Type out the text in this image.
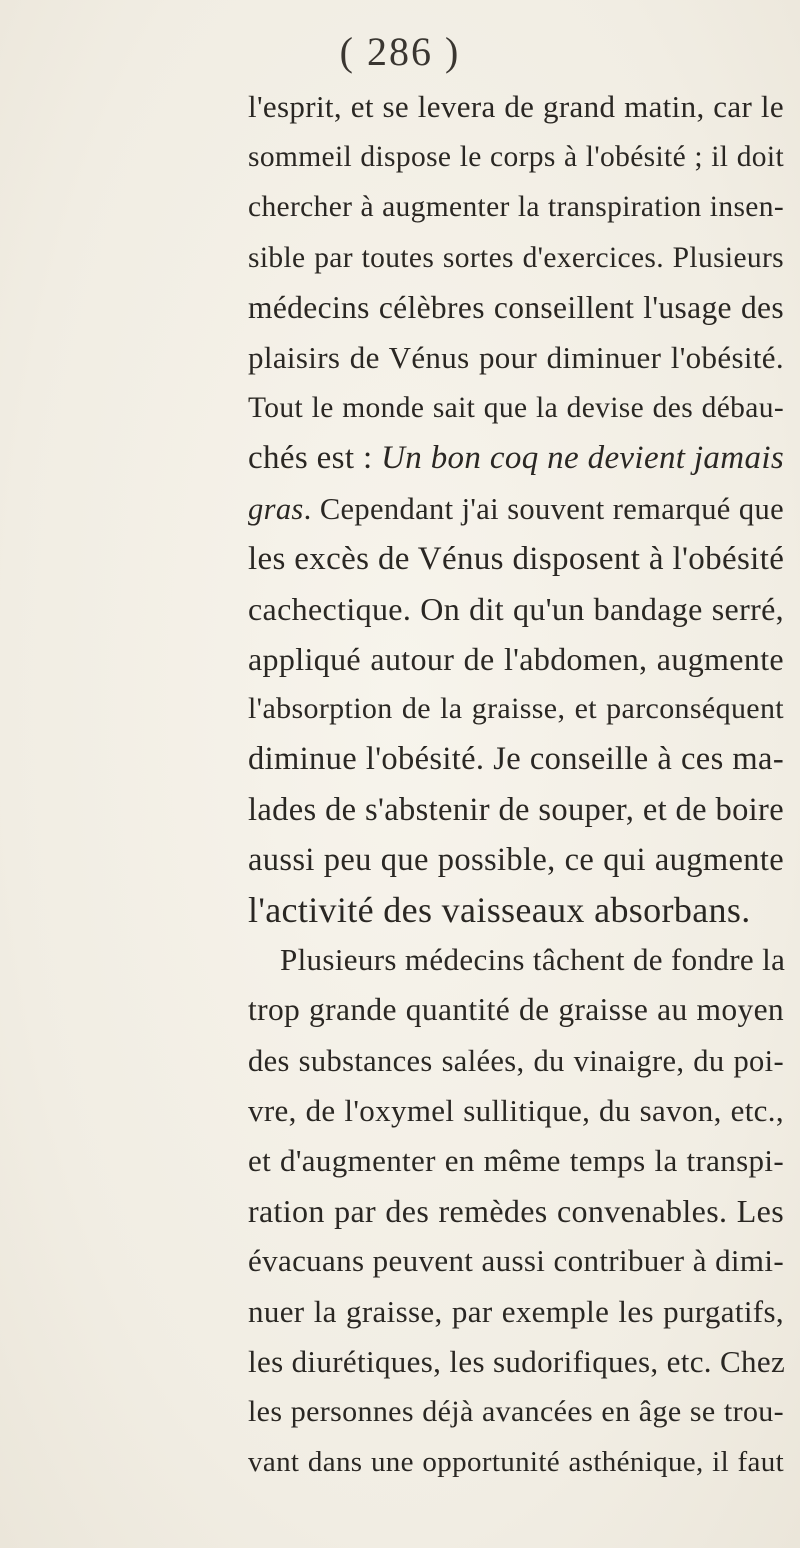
( 286 )
l'esprit, et se levera de grand matin, car le
sommeil dispose le corps à l'obésité ; il doit
chercher à augmenter la transpiration insen-
sible par toutes sortes d'exercices. Plusieurs
médecins célèbres conseillent l'usage des
plaisirs de Vénus pour diminuer l'obésité.
Tout le monde sait que la devise des débau-
chés est : Un bon coq ne devient jamais
gras. Cependant j'ai souvent remarqué que
les excès de Vénus disposent à l'obésité
cachectique. On dit qu'un bandage serré,
appliqué autour de l'abdomen, augmente
l'absorption de la graisse, et parconséquent
diminue l'obésité. Je conseille à ces ma-
lades de s'abstenir de souper, et de boire
aussi peu que possible, ce qui augmente
l'activité des vaisseaux absorbans.
Plusieurs médecins tâchent de fondre la
trop grande quantité de graisse au moyen
des substances salées, du vinaigre, du poi-
vre, de l'oxymel sullitique, du savon, etc.,
et d'augmenter en même temps la transpi-
ration par des remèdes convenables. Les
évacuans peuvent aussi contribuer à dimi-
nuer la graisse, par exemple les purgatifs,
les diurétiques, les sudorifiques, etc. Chez
les personnes déjà avancées en âge se trou-
vant dans une opportunité asthénique, il faut
